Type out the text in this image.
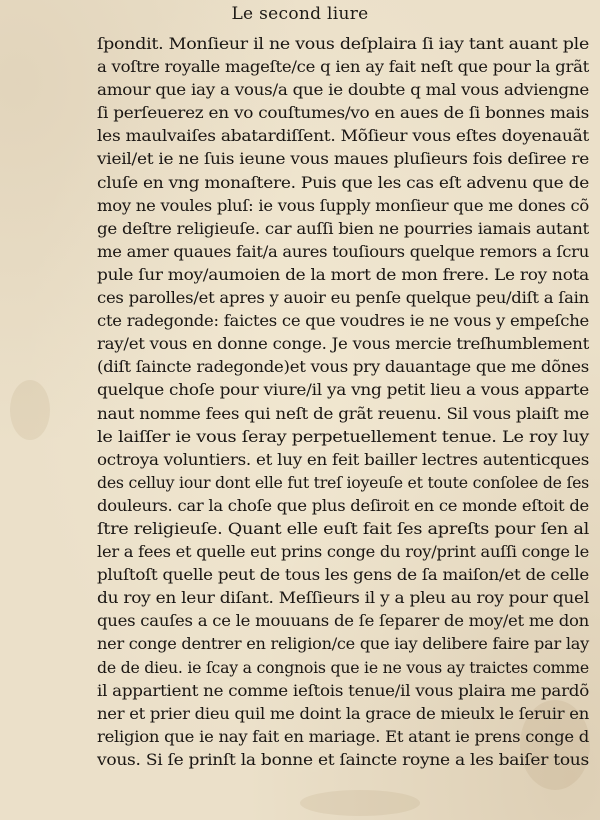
Le second liure
ſpondit. Monſieur il ne vous deſplaira ſi iay tant auant ple
a voſtre royalle mageſte/ce q ien ay fait neſt que pour la grãt
amour que iay a vous/a que ie doubte q mal vous adviengne
ſi perſeuerez en vo couſtumes/vo en aues de ſi bonnes mais
les maulvaiſes abatardiſſent. Mõſieur vous eſtes doyenauãt
vieil/et ie ne ſuis ieune vous maues pluſieurs fois deſiree re
cluſe en vng monaſtere. Puis que les cas eſt advenu que de
moy ne voules pluſ: ie vous ſupply monſieur que me dones cõ
ge deſtre religieuſe. car auſſi bien ne pourries iamais autant
me amer quaues fait/a aures touſiours quelque remors a ſcru
pule ſur moy/aumoien de la mort de mon frere. Le roy nota
ces parolles/et apres y auoir eu penſe quelque peu/diſt a ſain
cte radegonde: faictes ce que voudres ie ne vous y empeſche
ray/et vous en donne conge. Je vous mercie treſhumblement
(diſt ſaincte radegonde)et vous pry dauantage que me dõnes
quelque choſe pour viure/il ya vng petit lieu a vous apparte
naut nomme fees qui neſt de grãt reuenu. Sil vous plaiſt me
le laiſſer ie vous ſeray perpetuellement tenue. Le roy luy
octroya voluntiers. et luy en feit bailler lectres autenticques
des celluy iour dont elle fut treſ ioyeuſe et toute conſolee de ſes
douleurs. car la choſe que plus deſiroit en ce monde eſtoit de
ſtre religieuſe. Quant elle euſt fait ſes apreſts pour ſen al
ler a fees et quelle eut prins conge du roy/print auſſi conge le
pluſtoſt quelle peut de tous les gens de ſa maiſon/et de celle
du roy en leur diſant. Meſſieurs il y a pleu au roy pour quel
ques cauſes a ce le mouuans de ſe ſeparer de moy/et me don
ner conge dentrer en religion/ce que iay delibere faire par lay
de de dieu. ie ſcay a congnois que ie ne vous ay traictes comme
il appartient ne comme ieſtois tenue/il vous plaira me pardõ
ner et prier dieu quil me doint la grace de mieulx le ſeruir en
religion que ie nay fait en mariage. Et atant ie prens conge d
vous. Si ſe prinſt la bonne et ſaincte royne a les baiſer tous
